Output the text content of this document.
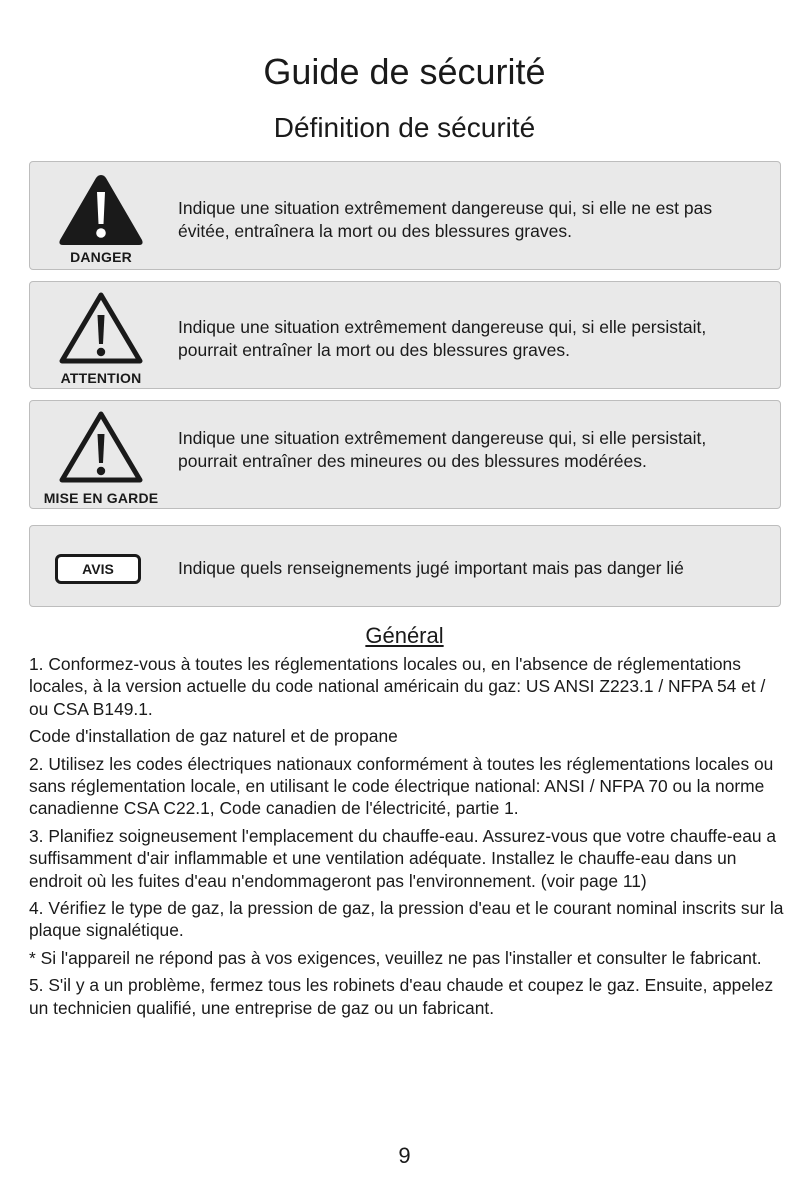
Guide de sécurité
Définition de sécurité
DANGER
Indique une situation extrêmement dangereuse qui, si elle ne est pas évitée, entraînera la mort ou des blessures graves.
ATTENTION
Indique une situation extrêmement dangereuse qui, si elle persistait, pourrait entraîner la mort ou des blessures graves.
MISE EN GARDE
Indique une situation extrêmement dangereuse qui, si elle persistait, pourrait entraîner des mineures ou des blessures modérées.
AVIS	Indique quels renseignements jugé important mais pas danger lié
Général

1. Conformez-vous à toutes les réglementations locales ou, en l'absence de réglementations locales, à la version actuelle du code national américain du gaz: US ANSI Z223.1 / NFPA 54 et / ou CSA B149.1.

Code d'installation de gaz naturel et de propane

2. Utilisez les codes électriques nationaux conformément à toutes les réglementations locales ou sans réglementation locale, en utilisant le code électrique national: ANSI / NFPA 70 ou la norme canadienne CSA C22.1, Code canadien de l'électricité, partie 1.

3. Planifiez soigneusement l'emplacement du chauffe-eau. Assurez-vous que votre chauffe-eau a suffisamment d'air inflammable et une ventilation adéquate. Installez le chauffe-eau dans un endroit où les fuites d'eau n'endommageront pas l'environnement. (voir page 11)

4. Vérifiez le type de gaz, la pression de gaz, la pression d'eau et le courant nominal inscrits sur la plaque signalétique.

* Si l'appareil ne répond pas à vos exigences, veuillez ne pas l'installer et consulter le fabricant.

5. S'il y a un problème, fermez tous les robinets d'eau chaude et coupez le gaz. Ensuite, appelez un technicien qualifié, une entreprise de gaz ou un fabricant.

9
